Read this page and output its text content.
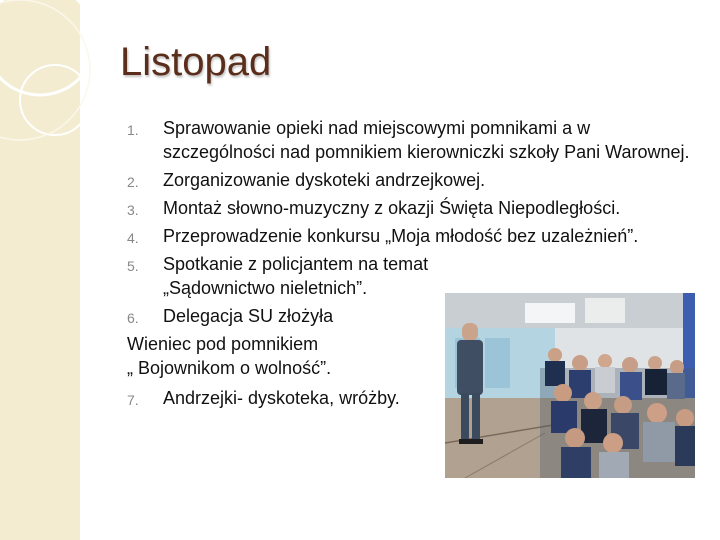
Listopad
1. Sprawowanie opieki nad miejscowymi pomnikami a w szczególności nad pomnikiem kierowniczki szkoły Pani Warownej.
2. Zorganizowanie dyskoteki andrzejkowej.
3. Montaż słowno-muzyczny z okazji Święta Niepodległości.
4. Przeprowadzenie konkursu „Moja młodość bez uzależnień”.
5. Spotkanie z policjantem na temat „Sądownictwo nieletnich”.
6. Delegacja SU złożyła
Wieniec pod pomnikiem
„ Bojownikom o wolność”.
7. Andrzejki- dyskoteka, wróżby.
